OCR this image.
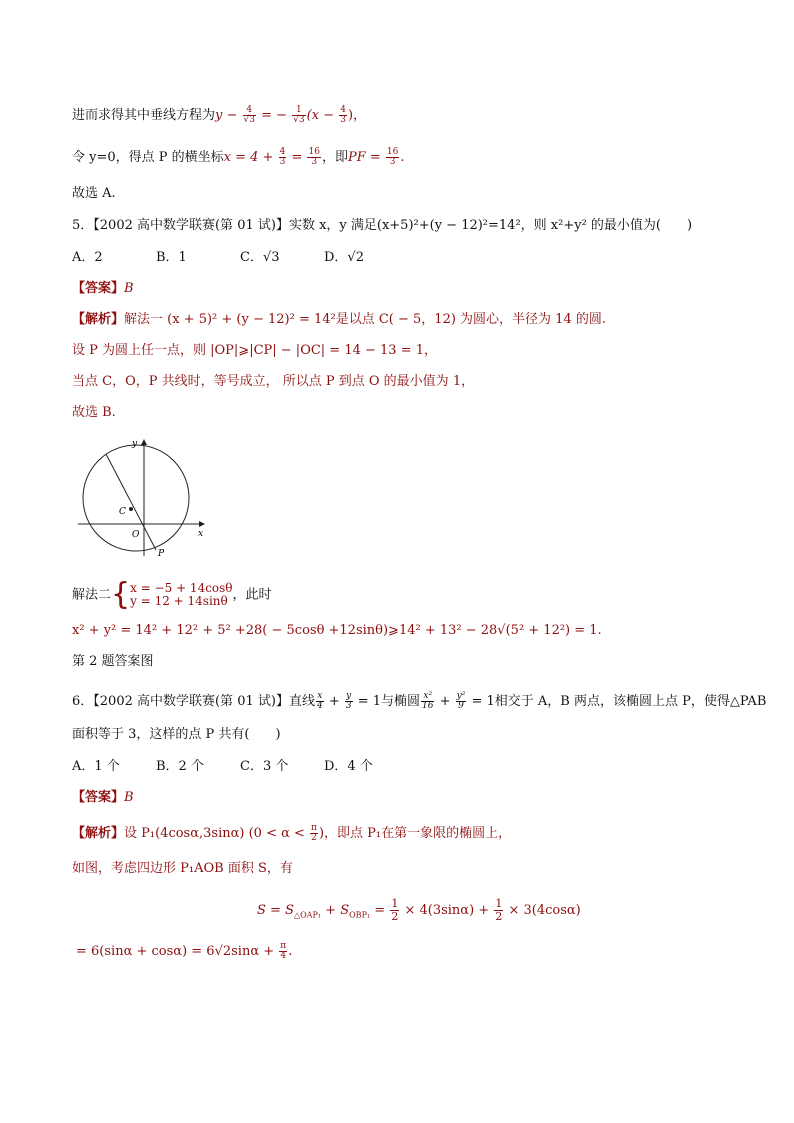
进而求得其中垂线方程为$y - \frac{4}{√3}$ = − $\frac{1}{√3} (x - \frac{4}{3}$ )，
令 y=0，得点 P 的横坐标$x = 4 + \frac{4}{3} = \frac{16}{3}$ ，即PF = $\frac{16}{3}$ .
故选 A.
5．【2002 高中数学联赛(第 01 试)】实数 x，y 满足(x+5)²+(y − 12)²=14²，则 x²+y² 的最小值为(　　)
A．2	B．1	C．√3	D．√2
【答案】B
【解析】解法一 (x + 5)² + (y − 12)² = 14²是以点 C( − 5，12) 为圆心，半径为 14 的圆.
设 P 为圆上任一点，则 |OP|⩾|CP| − |OC| = 14 − 13 = 1，
当点 C，O，P 共线时，等号成立， 所以点 P 到点 O 的最小值为 1，
故选 B.
y
x
C
O
P
解法二{ x = −5 + 14cosθ
y = 12 + 14sinθ ，此时
x² + y² = 14² + 12² + 5² +28( − 5cosθ +12sinθ)⩾14² + 13² − 28√(5² + 12²) = 1.
第 2 题答案图
6．【2002 高中数学联赛(第 01 试)】直线 $\frac{x}{4} + \frac{y}{3} = 1$与椭圆 $\frac{\text{x²}}{16} + \frac{\text{y²}}{9} = 1$相交于 A，B 两点，该椭圆上点 P，使得△PAB
面积等于 3，这样的点 P 共有(　　)
A．1 个	B．2 个	C．3 个	D．4 个
【答案】B
【解析】设 P₁(4cosα,3sinα) ($0 < \alpha < \frac{\pi}{2}$ )，即点 P₁在第一象限的椭圆上，
如图，考虑四边形 P₁AOB 面积 S，有
$S = S_{\triangle OAP_1} + S_{OBP_1} = \frac{1}{2} \times 4(3\sin\alpha) + \frac{1}{2} \times 3(4\cos\alpha)$
= $6(\sin\alpha + \cos\alpha) = 6√2\sin\alpha + \frac{\pi}{4}$ .
